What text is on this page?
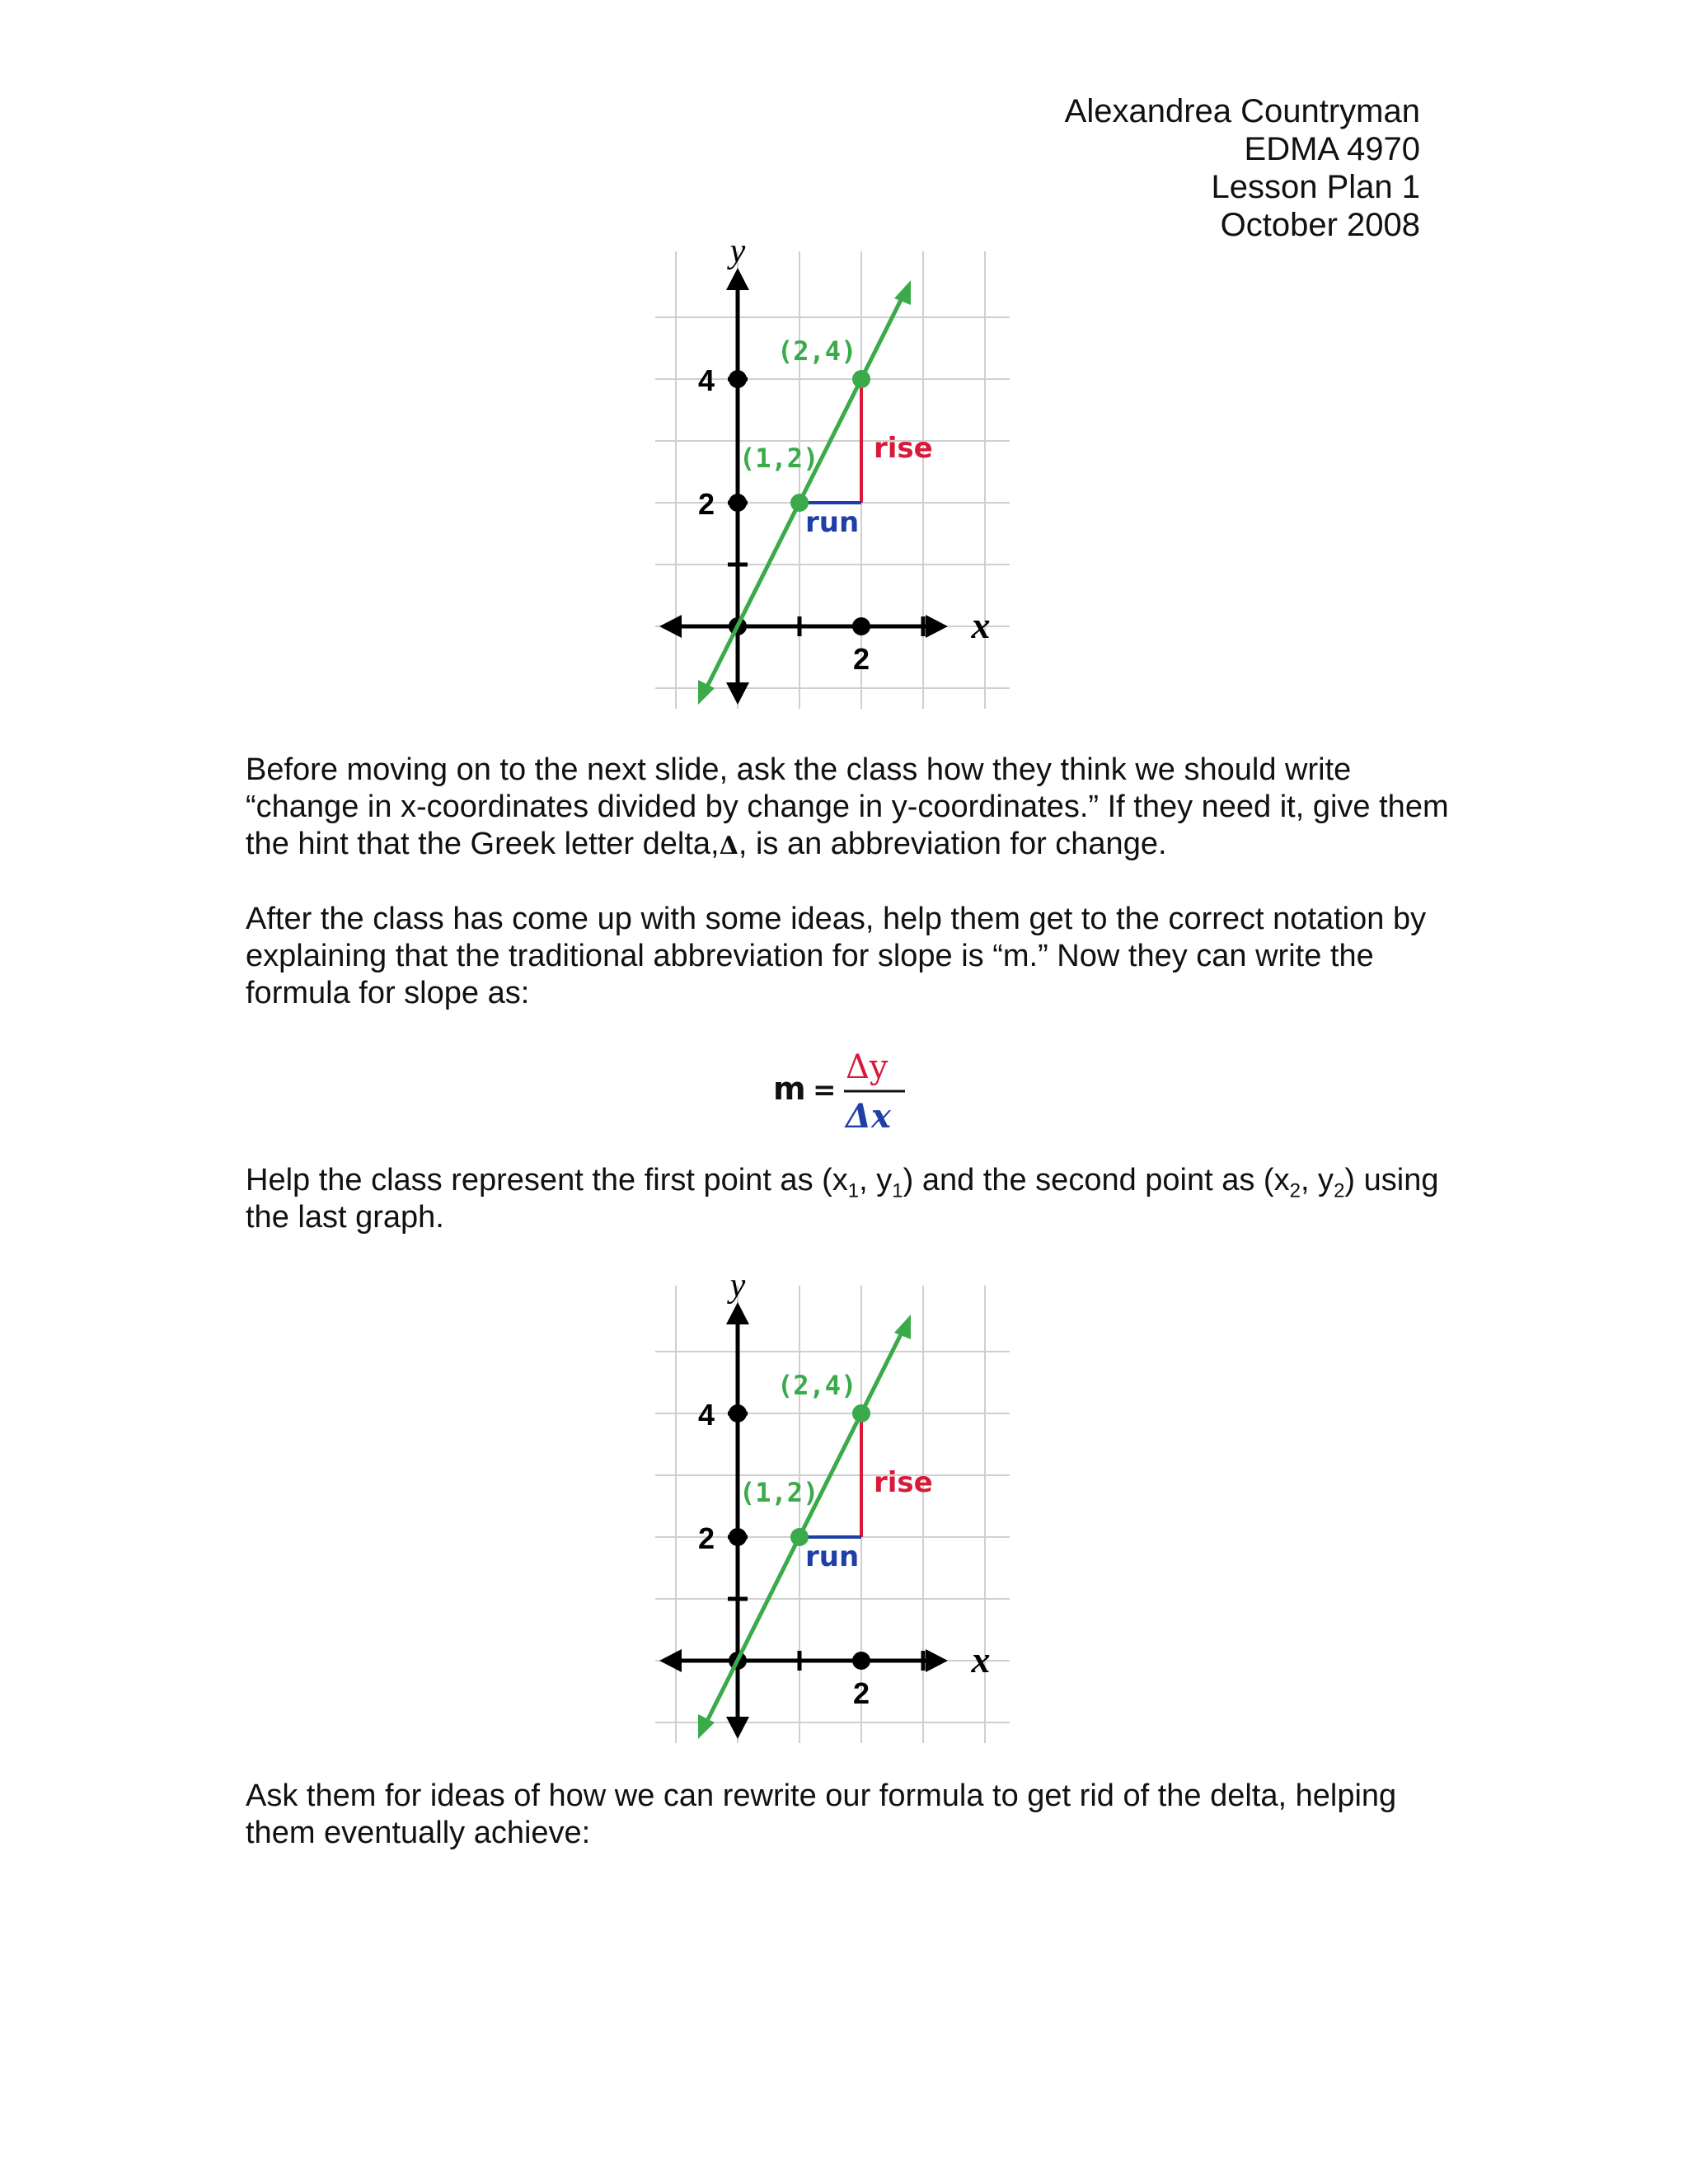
Alexandrea Countryman
EDMA 4970
Lesson Plan 1
October 2008
y
x
4
2
2
(2,4)
(1,2) rise
run
Before moving on to the next slide, ask the class how they think we should write “change in x-coordinates divided by change in y-coordinates.” If they need it, give them the hint that the Greek letter delta,Δ, is an abbreviation for change.
After the class has come up with some ideas, help them get to the correct notation by explaining that the traditional abbreviation for slope is “m.” Now they can write the formula for slope as:
m =
Δy
Δx
Help the class represent the first point as ($x_1$, $y_1$) and the second point as ($x_2$, $y_2$) using the last graph.
y
x
4
2
2
(2,4)
(1,2) rise
run
Ask them for ideas of how we can rewrite our formula to get rid of the delta, helping them eventually achieve:
